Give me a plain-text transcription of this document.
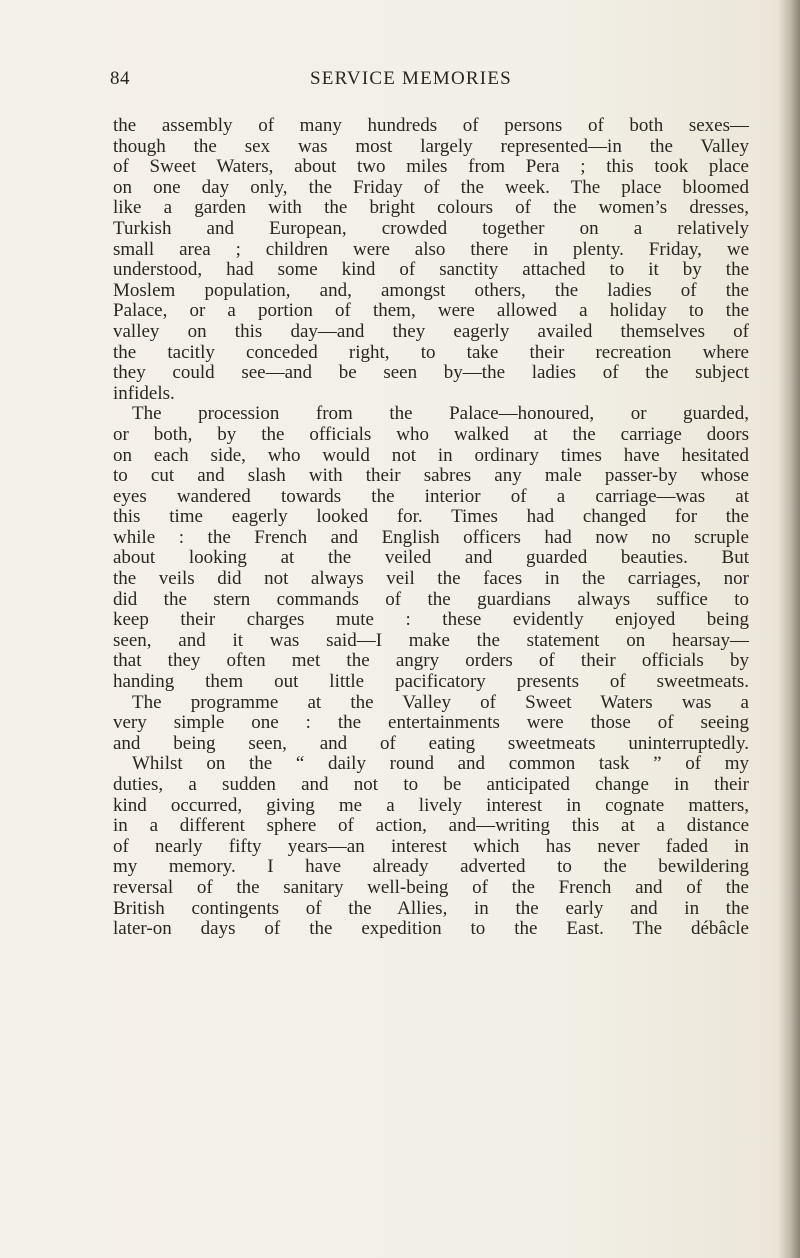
84	SERVICE MEMORIES
the assembly of many hundreds of persons of both sexes—
though the sex was most largely represented—in the Valley
of Sweet Waters, about two miles from Pera ; this took place
on one day only, the Friday of the week. The place bloomed
like a garden with the bright colours of the women’s dresses,
Turkish and European, crowded together on a relatively
small area ; children were also there in plenty. Friday, we
understood, had some kind of sanctity attached to it by the
Moslem population, and, amongst others, the ladies of the
Palace, or a portion of them, were allowed a holiday to the
valley on this day—and they eagerly availed themselves of
the tacitly conceded right, to take their recreation where
they could see—and be seen by—the ladies of the subject
infidels.
The procession from the Palace—honoured, or guarded,
or both, by the officials who walked at the carriage doors
on each side, who would not in ordinary times have hesitated
to cut and slash with their sabres any male passer-by whose
eyes wandered towards the interior of a carriage—was at
this time eagerly looked for. Times had changed for the
while : the French and English officers had now no scruple
about looking at the veiled and guarded beauties. But
the veils did not always veil the faces in the carriages, nor
did the stern commands of the guardians always suffice to
keep their charges mute : these evidently enjoyed being
seen, and it was said—I make the statement on hearsay—
that they often met the angry orders of their officials by
handing them out little pacificatory presents of sweetmeats.
The programme at the Valley of Sweet Waters was a
very simple one : the entertainments were those of seeing
and being seen, and of eating sweetmeats uninterruptedly.
Whilst on the “ daily round and common task ” of my
duties, a sudden and not to be anticipated change in their
kind occurred, giving me a lively interest in cognate matters,
in a different sphere of action, and—writing this at a distance
of nearly fifty years—an interest which has never faded in
my memory. I have already adverted to the bewildering
reversal of the sanitary well-being of the French and of the
British contingents of the Allies, in the early and in the
later-on days of the expedition to the East. The débâcle
